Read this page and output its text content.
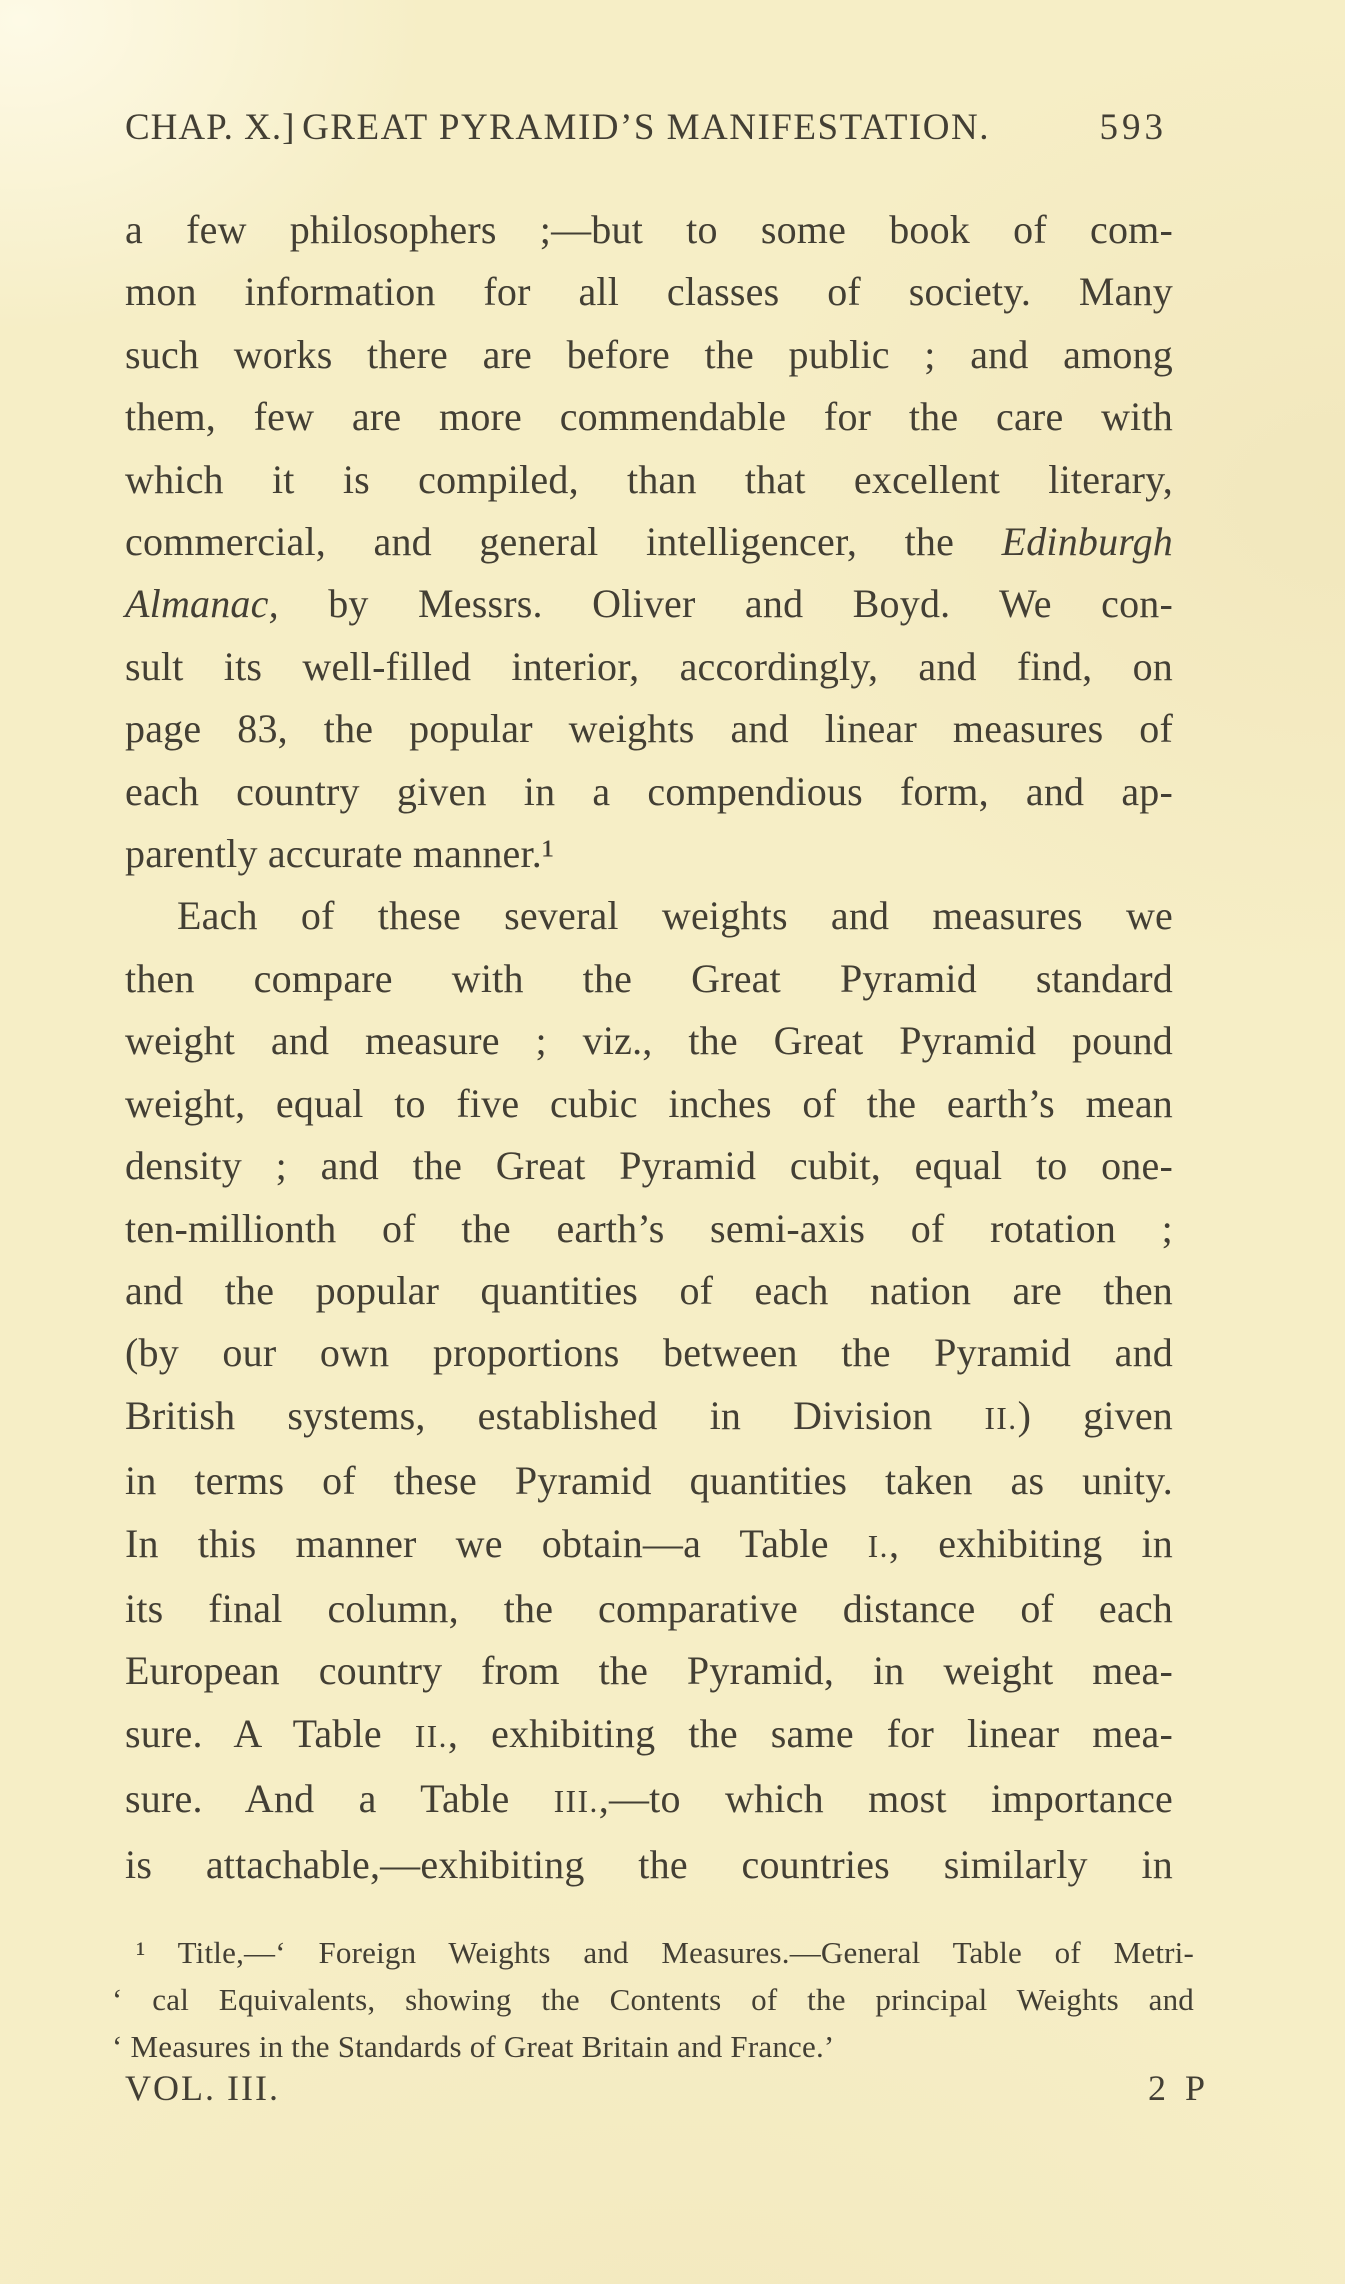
CHAP. X.] GREAT PYRAMID’S MANIFESTATION.	593
a few philosophers ;—but to some book of com-
mon information for all classes of society. Many
such works there are before the public ; and among
them, few are more commendable for the care with
which it is compiled, than that excellent literary,
commercial, and general intelligencer, the Edinburgh
Almanac, by Messrs. Oliver and Boyd. We con-
sult its well-filled interior, accordingly, and find, on
page 83, the popular weights and linear measures of
each country given in a compendious form, and ap-
parently accurate manner.¹
Each of these several weights and measures we
then compare with the Great Pyramid standard
weight and measure ; viz., the Great Pyramid pound
weight, equal to five cubic inches of the earth’s mean
density ; and the Great Pyramid cubit, equal to one-
ten-millionth of the earth’s semi-axis of rotation ;
and the popular quantities of each nation are then
(by our own proportions between the Pyramid and
British systems, established in Division II.) given
in terms of these Pyramid quantities taken as unity.
In this manner we obtain—a Table I., exhibiting in
its final column, the comparative distance of each
European country from the Pyramid, in weight mea-
sure. A Table II., exhibiting the same for linear mea-
sure. And a Table III.,—to which most importance
is attachable,—exhibiting the countries similarly in
¹ Title,—‘ Foreign Weights and Measures.—General Table of Metri-
‘ cal Equivalents, showing the Contents of the principal Weights and
‘ Measures in the Standards of Great Britain and France.’
VOL. III.	2 P
